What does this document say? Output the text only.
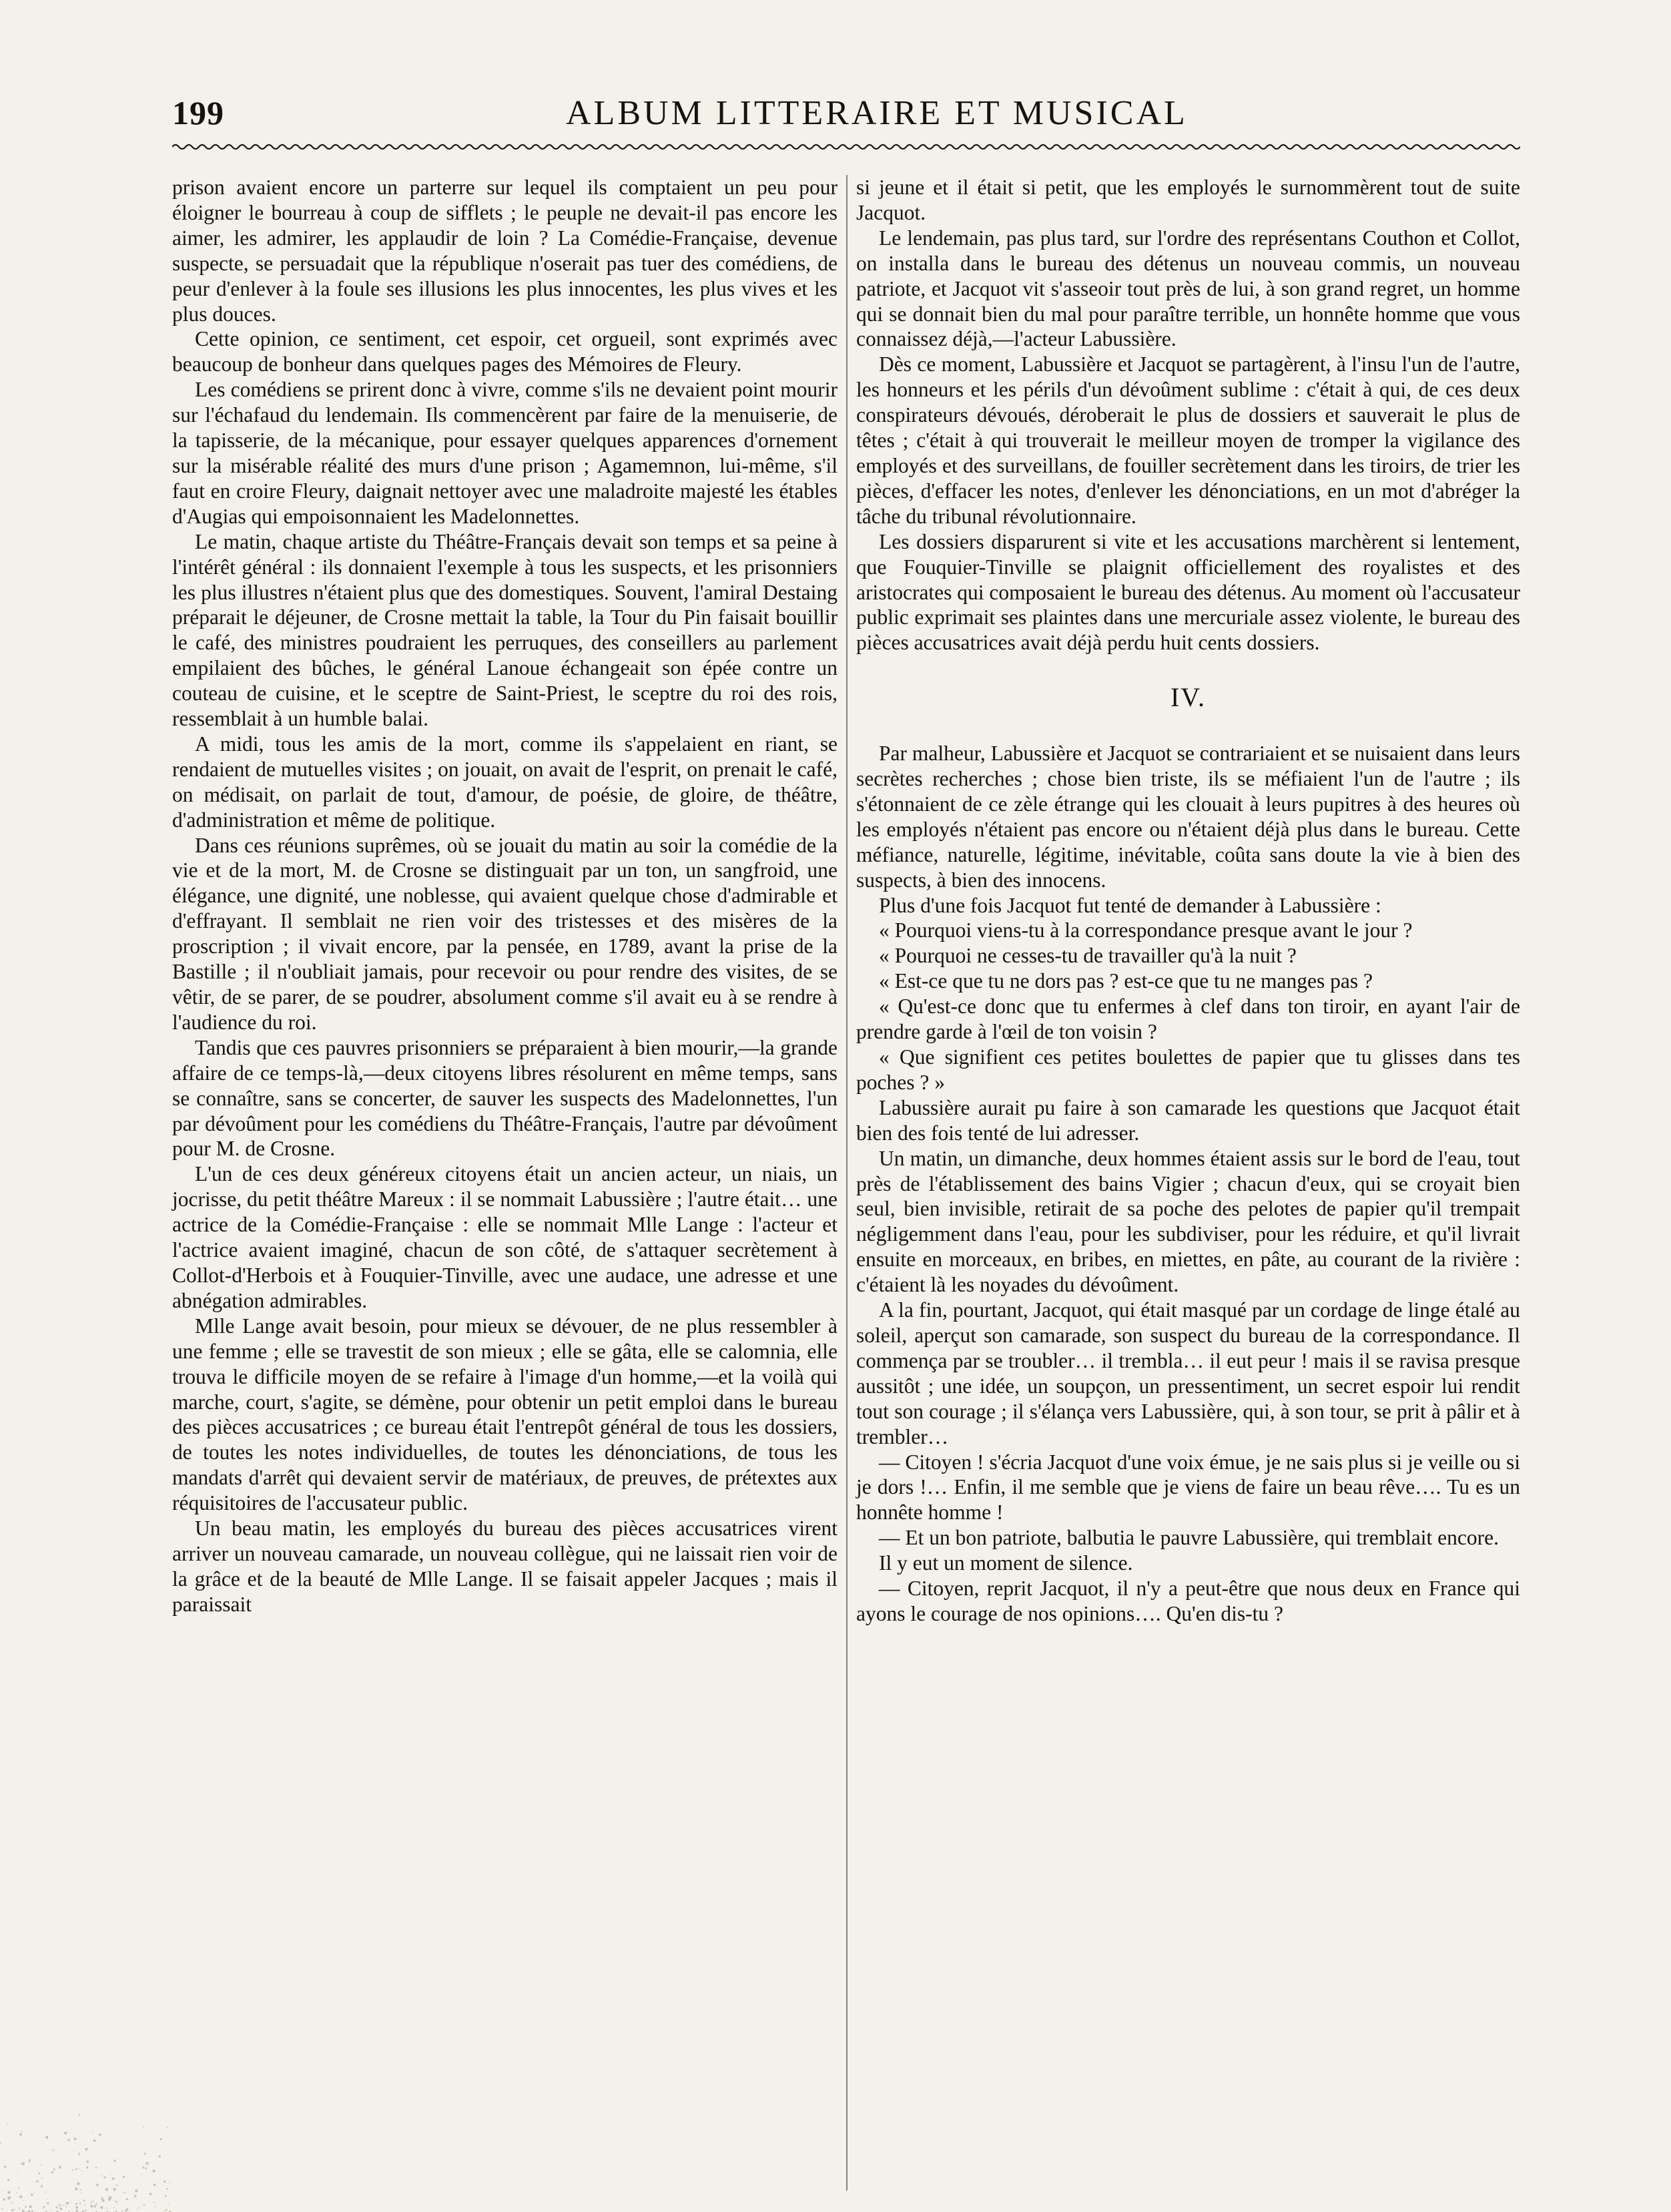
199	ALBUM LITTERAIRE ET MUSICAL

prison avaient encore un parterre sur lequel ils comptaient un peu pour éloigner le bourreau à coup de sifflets ; le peuple ne devait-il pas encore les aimer, les admirer, les applaudir de loin ? La Comédie-Française, devenue suspecte, se persuadait que la république n'oserait pas tuer des comédiens, de peur d'enlever à la foule ses illusions les plus innocentes, les plus vives et les plus douces.

Cette opinion, ce sentiment, cet espoir, cet orgueil, sont exprimés avec beaucoup de bonheur dans quelques pages des Mémoires de Fleury.

Les comédiens se prirent donc à vivre, comme s'ils ne devaient point mourir sur l'échafaud du lendemain. Ils commencèrent par faire de la menuiserie, de la tapisserie, de la mécanique, pour essayer quelques apparences d'ornement sur la misérable réalité des murs d'une prison ; Agamemnon, lui-même, s'il faut en croire Fleury, daignait nettoyer avec une maladroite majesté les étables d'Augias qui empoisonnaient les Madelonnettes.

Le matin, chaque artiste du Théâtre-Français devait son temps et sa peine à l'intérêt général : ils donnaient l'exemple à tous les suspects, et les prisonniers les plus illustres n'étaient plus que des domestiques. Souvent, l'amiral Destaing préparait le déjeuner, de Crosne mettait la table, la Tour du Pin faisait bouillir le café, des ministres poudraient les perruques, des conseillers au parlement empilaient des bûches, le général Lanoue échangeait son épée contre un couteau de cuisine, et le sceptre de Saint-Priest, le sceptre du roi des rois, ressemblait à un humble balai.

A midi, tous les amis de la mort, comme ils s'appelaient en riant, se rendaient de mutuelles visites ; on jouait, on avait de l'esprit, on prenait le café, on médisait, on parlait de tout, d'amour, de poésie, de gloire, de théâtre, d'administration et même de politique.

Dans ces réunions suprêmes, où se jouait du matin au soir la comédie de la vie et de la mort, M. de Crosne se distinguait par un ton, un sangfroid, une élégance, une dignité, une noblesse, qui avaient quelque chose d'admirable et d'effrayant. Il semblait ne rien voir des tristesses et des misères de la proscription ; il vivait encore, par la pensée, en 1789, avant la prise de la Bastille ; il n'oubliait jamais, pour recevoir ou pour rendre des visites, de se vêtir, de se parer, de se poudrer, absolument comme s'il avait eu à se rendre à l'audience du roi.

Tandis que ces pauvres prisonniers se préparaient à bien mourir,—la grande affaire de ce temps-là,—deux citoyens libres résolurent en même temps, sans se connaître, sans se concerter, de sauver les suspects des Madelonnettes, l'un par dévoûment pour les comédiens du Théâtre-Français, l'autre par dévoûment pour M. de Crosne.

L'un de ces deux généreux citoyens était un ancien acteur, un niais, un jocrisse, du petit théâtre Mareux : il se nommait Labussière ; l'autre était… une actrice de la Comédie-Française : elle se nommait Mlle Lange : l'acteur et l'actrice avaient imaginé, chacun de son côté, de s'attaquer secrètement à Collot-d'Herbois et à Fouquier-Tinville, avec une audace, une adresse et une abnégation admirables.

Mlle Lange avait besoin, pour mieux se dévouer, de ne plus ressembler à une femme ; elle se travestit de son mieux ; elle se gâta, elle se calomnia, elle trouva le difficile moyen de se refaire à l'image d'un homme,—et la voilà qui marche, court, s'agite, se démène, pour obtenir un petit emploi dans le bureau des pièces accusatrices ; ce bureau était l'entrepôt général de tous les dossiers, de toutes les notes individuelles, de toutes les dénonciations, de tous les mandats d'arrêt qui devaient servir de matériaux, de preuves, de prétextes aux réquisitoires de l'accusateur public.

Un beau matin, les employés du bureau des pièces accusatrices virent arriver un nouveau camarade, un nouveau collègue, qui ne laissait rien voir de la grâce et de la beauté de Mlle Lange. Il se faisait appeler Jacques ; mais il paraissait

si jeune et il était si petit, que les employés le surnommèrent tout de suite Jacquot.

Le lendemain, pas plus tard, sur l'ordre des représentans Couthon et Collot, on installa dans le bureau des détenus un nouveau commis, un nouveau patriote, et Jacquot vit s'asseoir tout près de lui, à son grand regret, un homme qui se donnait bien du mal pour paraître terrible, un honnête homme que vous connaissez déjà,—l'acteur Labussière.

Dès ce moment, Labussière et Jacquot se partagèrent, à l'insu l'un de l'autre, les honneurs et les périls d'un dévoûment sublime : c'était à qui, de ces deux conspirateurs dévoués, déroberait le plus de dossiers et sauverait le plus de têtes ; c'était à qui trouverait le meilleur moyen de tromper la vigilance des employés et des surveillans, de fouiller secrètement dans les tiroirs, de trier les pièces, d'effacer les notes, d'enlever les dénonciations, en un mot d'abréger la tâche du tribunal révolutionnaire.

Les dossiers disparurent si vite et les accusations marchèrent si lentement, que Fouquier-Tinville se plaignit officiellement des royalistes et des aristocrates qui composaient le bureau des détenus. Au moment où l'accusateur public exprimait ses plaintes dans une mercuriale assez violente, le bureau des pièces accusatrices avait déjà perdu huit cents dossiers.

IV.

Par malheur, Labussière et Jacquot se contrariaient et se nuisaient dans leurs secrètes recherches ; chose bien triste, ils se méfiaient l'un de l'autre ; ils s'étonnaient de ce zèle étrange qui les clouait à leurs pupitres à des heures où les employés n'étaient pas encore ou n'étaient déjà plus dans le bureau. Cette méfiance, naturelle, légitime, inévitable, coûta sans doute la vie à bien des suspects, à bien des innocens.

Plus d'une fois Jacquot fut tenté de demander à Labussière :

« Pourquoi viens-tu à la correspondance presque avant le jour ?

« Pourquoi ne cesses-tu de travailler qu'à la nuit ?

« Est-ce que tu ne dors pas ? est-ce que tu ne manges pas ?

« Qu'est-ce donc que tu enfermes à clef dans ton tiroir, en ayant l'air de prendre garde à l'œil de ton voisin ?

« Que signifient ces petites boulettes de papier que tu glisses dans tes poches ? »

Labussière aurait pu faire à son camarade les questions que Jacquot était bien des fois tenté de lui adresser.

Un matin, un dimanche, deux hommes étaient assis sur le bord de l'eau, tout près de l'établissement des bains Vigier ; chacun d'eux, qui se croyait bien seul, bien invisible, retirait de sa poche des pelotes de papier qu'il trempait négligemment dans l'eau, pour les subdiviser, pour les réduire, et qu'il livrait ensuite en morceaux, en bribes, en miettes, en pâte, au courant de la rivière : c'étaient là les noyades du dévoûment.

A la fin, pourtant, Jacquot, qui était masqué par un cordage de linge étalé au soleil, aperçut son camarade, son suspect du bureau de la correspondance. Il commença par se troubler… il trembla… il eut peur ! mais il se ravisa presque aussitôt ; une idée, un soupçon, un pressentiment, un secret espoir lui rendit tout son courage ; il s'élança vers Labussière, qui, à son tour, se prit à pâlir et à trembler…

— Citoyen ! s'écria Jacquot d'une voix émue, je ne sais plus si je veille ou si je dors !… Enfin, il me semble que je viens de faire un beau rêve…. Tu es un honnête homme !

— Et un bon patriote, balbutia le pauvre Labussière, qui tremblait encore.

Il y eut un moment de silence.

— Citoyen, reprit Jacquot, il n'y a peut-être que nous deux en France qui ayons le courage de nos opinions…. Qu'en dis-tu ?
